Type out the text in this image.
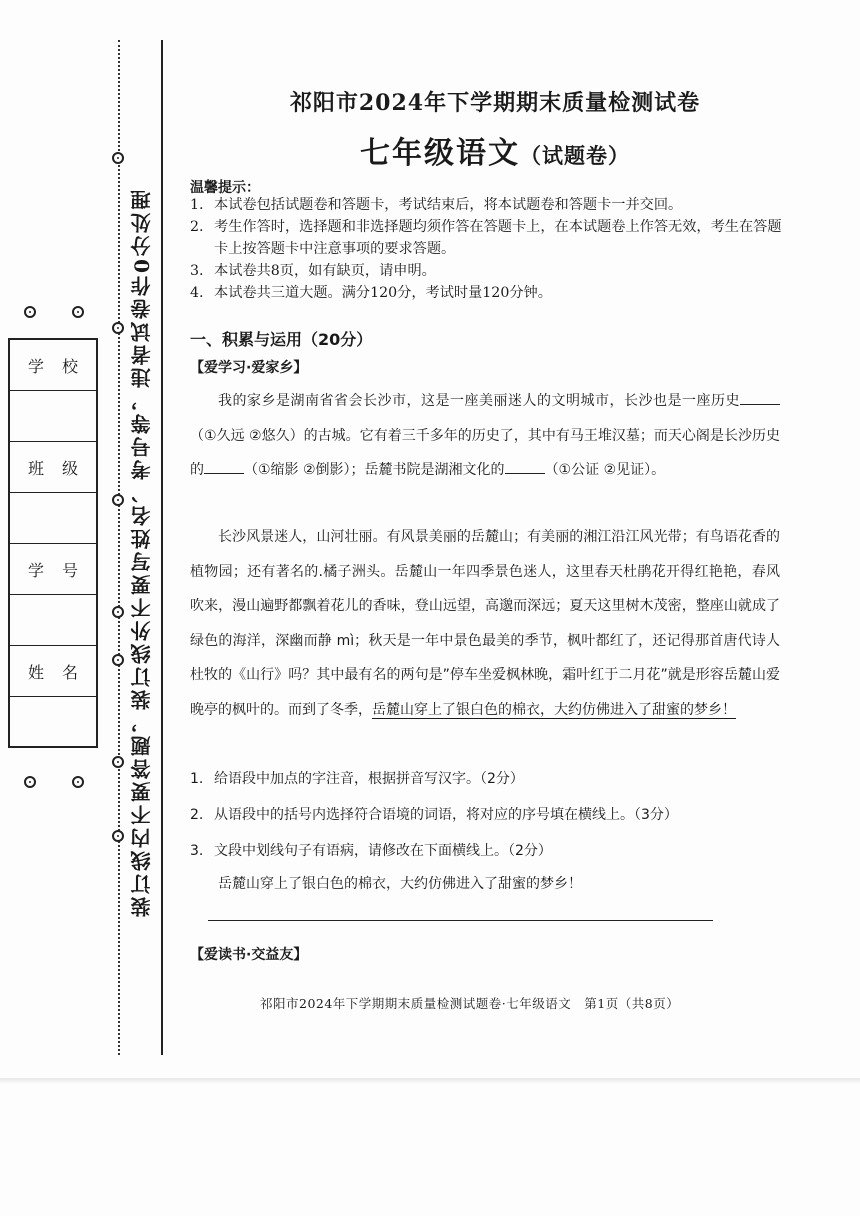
装订线内不要答题，装订线外不要写姓名、考号等，违者试卷作0分处理
学校
班级
学号
姓名
祁阳市2024年下学期期末质量检测试卷
七年级语文（试题卷）
温馨提示：
1. 本试卷包括试题卷和答题卡，考试结束后，将本试题卷和答题卡一并交回。
2. 考生作答时，选择题和非选择题均须作答在答题卡上，在本试题卷上作答无效，考生在答题卡上按答题卡中注意事项的要求答题。
3. 本试卷共8页，如有缺页，请申明。
4. 本试卷共三道大题。满分120分，考试时量120分钟。
一、积累与运用（20分）
【爱学习·爱家乡】
我的家乡是湖南省省会长沙市，这是一座美丽迷人的文明城市，长沙也是一座历史（①久远 ②悠久）的古城。它有着三千多年的历史了，其中有马王堆汉墓；而天心阁是长沙历史的	（①缩影 ②倒影）；岳麓书院是湖湘文化的	（①公证 ②见证）。
长沙风景迷人，山河壮丽。有风景美丽的岳麓山；有美丽的湘江沿江风光带；有鸟语花香的植物园；还有著名的.橘子洲头。岳麓山一年四季景色迷人，这里春天杜鹃花开得红艳艳，春风吹来，漫山遍野都飘着花儿的香味，登山远望，高邈而深远；夏天这里树木茂密，整座山就成了绿色的海洋，深幽而静 mì；秋天是一年中景色最美的季节，枫叶都红了，还记得那首唐代诗人杜牧的《山行》吗？其中最有名的两句是”停车坐爱枫林晚，霜叶红于二月花”就是形容岳麓山爱晚亭的枫叶的。而到了冬季，岳麓山穿上了银白色的棉衣，大约仿佛进入了甜蜜的梦乡！
1. 给语段中加点的字注音，根据拼音写汉字。（2分）
2. 从语段中的括号内选择符合语境的词语，将对应的序号填在横线上。（3分）
3. 文段中划线句子有语病，请修改在下面横线上。（2分）
岳麓山穿上了银白色的棉衣，大约仿佛进入了甜蜜的梦乡！
【爱读书·交益友】
祁阳市2024年下学期期末质量检测试题卷·七年级语文　第1页（共8页）
